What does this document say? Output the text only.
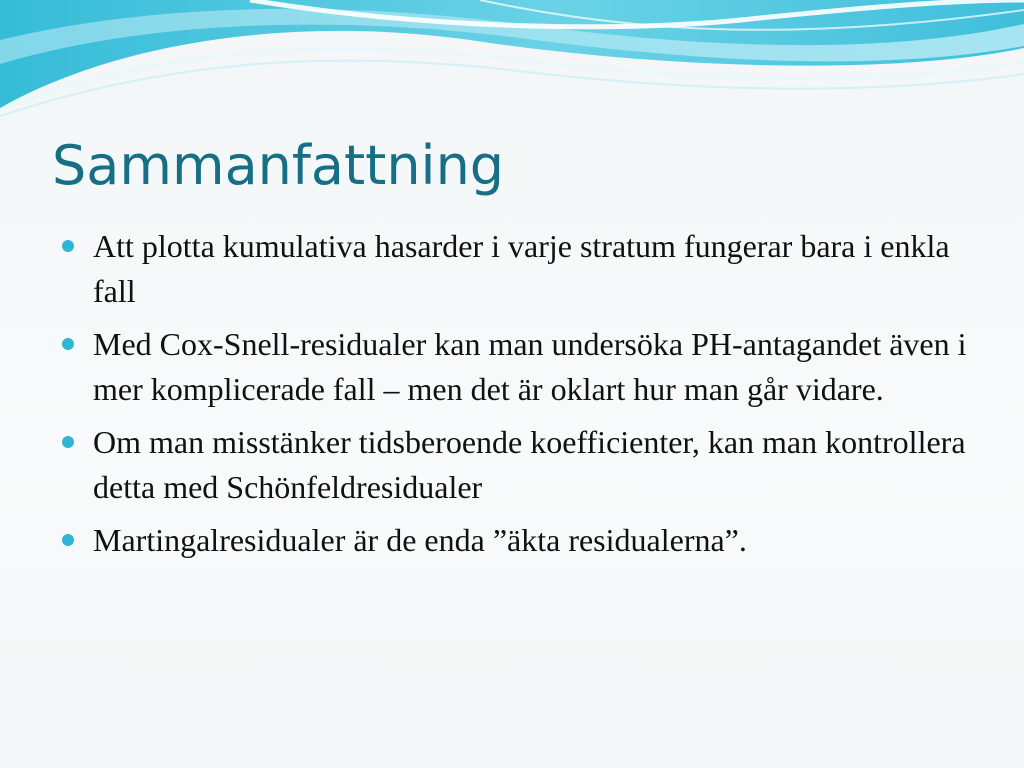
Sammanfattning
Att plotta kumulativa hasarder i varje stratum fungerar bara i enkla fall
Med Cox-Snell-residualer kan man undersöka PH-antagandet även i mer komplicerade fall – men det är oklart hur man går vidare.
Om man misstänker tidsberoende koefficienter, kan man kontrollera detta med Schönfeldresidualer
Martingalresidualer är de enda ”äkta residualerna”.
